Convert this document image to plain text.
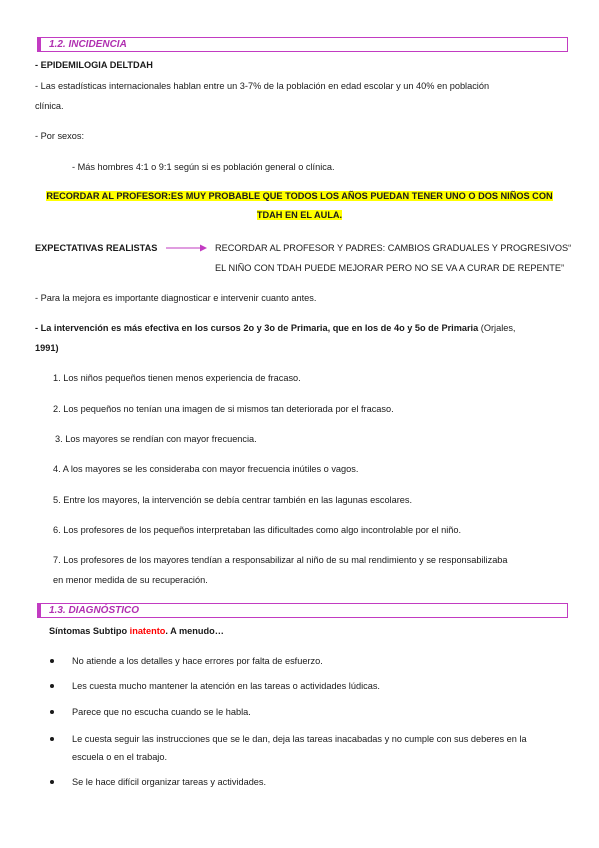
1.2. INCIDENCIA
- EPIDEMILOGIA DELTDAH
- Las estadísticas internacionales hablan entre un 3-7% de la población en edad escolar y un 40% en población
clínica.
- Por sexos:
- Más hombres 4:1 o 9:1 según si es población general o clínica.
RECORDAR AL PROFESOR:ES MUY PROBABLE QUE TODOS LOS AÑOS PUEDAN TENER UNO O DOS NIÑOS CON
TDAH EN EL AULA.
EXPECTATIVAS REALISTAS	RECORDAR AL PROFESOR Y PADRES: CAMBIOS GRADUALES Y PROGRESIVOS“
EL NIÑO CON TDAH PUEDE MEJORAR PERO NO SE VA A CURAR DE REPENTE”
- Para la mejora es importante diagnosticar e intervenir cuanto antes.
- La intervención es más efectiva en los cursos 2o y 3o de Primaria, que en los de 4o y 5o de Primaria (Orjales,
1991)
1. Los niños pequeños tienen menos experiencia de fracaso.
2. Los pequeños no tenían una imagen de si mismos tan deteriorada por el fracaso.
3. Los mayores se rendían con mayor frecuencia.
4. A los mayores se les consideraba con mayor frecuencia inútiles o vagos.
5. Entre los mayores, la intervención se debía centrar también en las lagunas escolares.
6. Los profesores de los pequeños interpretaban las dificultades como algo incontrolable por el niño.
7. Los profesores de los mayores tendían a responsabilizar al niño de su mal rendimiento y se responsabilizaba
en menor medida de su recuperación.
1.3. DIAGNÓSTICO
Síntomas Subtipo inatento. A menudo…
No atiende a los detalles y hace errores por falta de esfuerzo.
Les cuesta mucho mantener la atención en las tareas o actividades lúdicas.
Parece que no escucha cuando se le habla.
Le cuesta seguir las instrucciones que se le dan, deja las tareas inacabadas y no cumple con sus deberes en la
escuela o en el trabajo.
Se le hace difícil organizar tareas y actividades.
